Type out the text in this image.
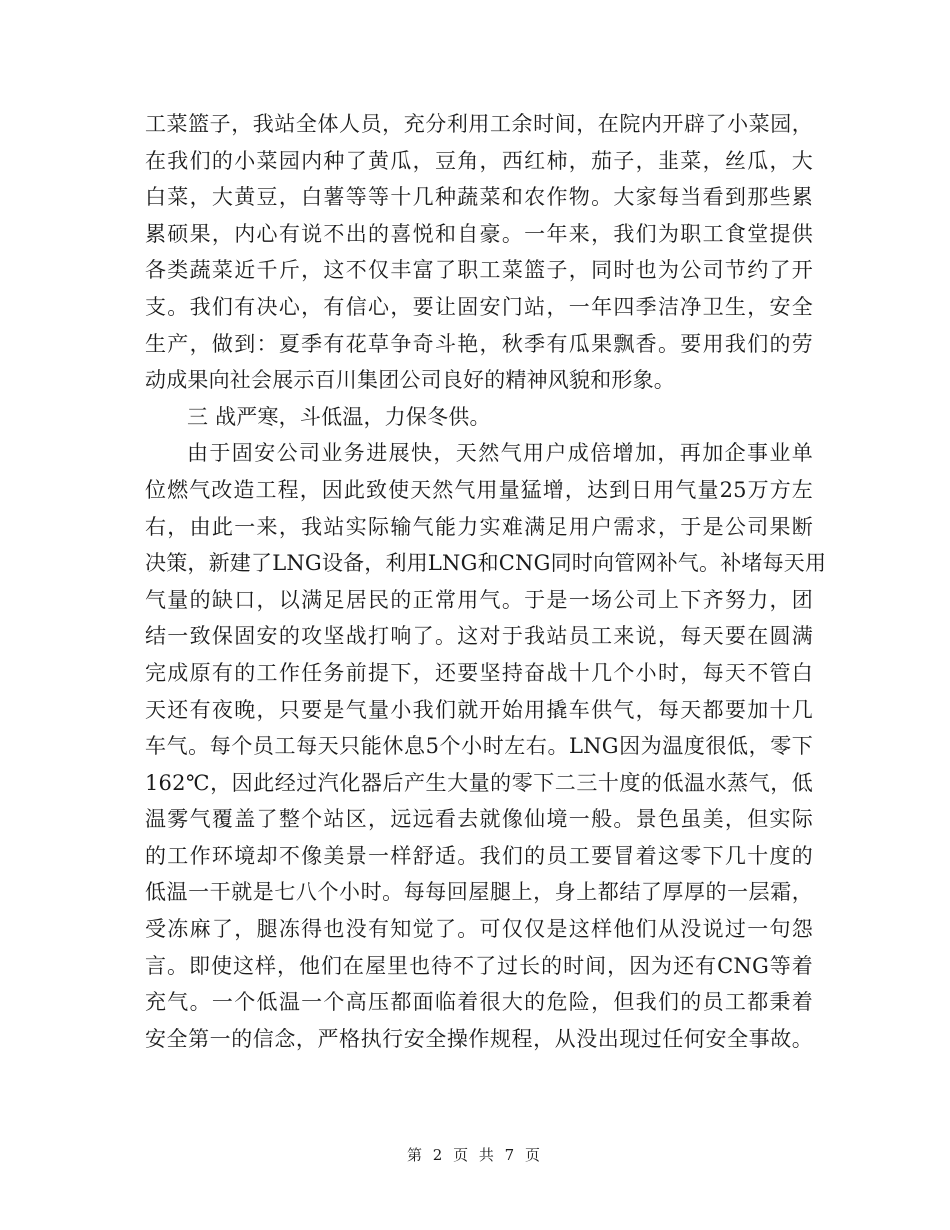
工菜篮子，我站全体人员，充分利用工余时间，在院内开辟了小菜园，
在我们的小菜园内种了黄瓜，豆角，西红柿，茄子，韭菜，丝瓜，大
白菜，大黄豆，白薯等等十几种蔬菜和农作物。大家每当看到那些累
累硕果，内心有说不出的喜悦和自豪。一年来，我们为职工食堂提供
各类蔬菜近千斤，这不仅丰富了职工菜篮子，同时也为公司节约了开
支。我们有决心，有信心，要让固安门站，一年四季洁净卫生，安全
生产，做到：夏季有花草争奇斗艳，秋季有瓜果飘香。要用我们的劳
动成果向社会展示百川集团公司良好的精神风貌和形象。
三 战严寒，斗低温，力保冬供。
由于固安公司业务进展快，天然气用户成倍增加，再加企事业单
位燃气改造工程，因此致使天然气用量猛增，达到日用气量25万方左
右，由此一来，我站实际输气能力实难满足用户需求，于是公司果断
决策，新建了LNG设备，利用LNG和CNG同时向管网补气。补堵每天用
气量的缺口，以满足居民的正常用气。于是一场公司上下齐努力，团
结一致保固安的攻坚战打响了。这对于我站员工来说，每天要在圆满
完成原有的工作任务前提下，还要坚持奋战十几个小时，每天不管白
天还有夜晚，只要是气量小我们就开始用撬车供气，每天都要加十几
车气。每个员工每天只能休息5个小时左右。LNG因为温度很低，零下
162℃，因此经过汽化器后产生大量的零下二三十度的低温水蒸气，低
温雾气覆盖了整个站区，远远看去就像仙境一般。景色虽美，但实际
的工作环境却不像美景一样舒适。我们的员工要冒着这零下几十度的
低温一干就是七八个小时。每每回屋腿上，身上都结了厚厚的一层霜，
受冻麻了，腿冻得也没有知觉了。可仅仅是这样他们从没说过一句怨
言。即使这样，他们在屋里也待不了过长的时间，因为还有CNG等着
充气。一个低温一个高压都面临着很大的危险，但我们的员工都秉着
安全第一的信念，严格执行安全操作规程，从没出现过任何安全事故。
第 2 页 共 7 页
